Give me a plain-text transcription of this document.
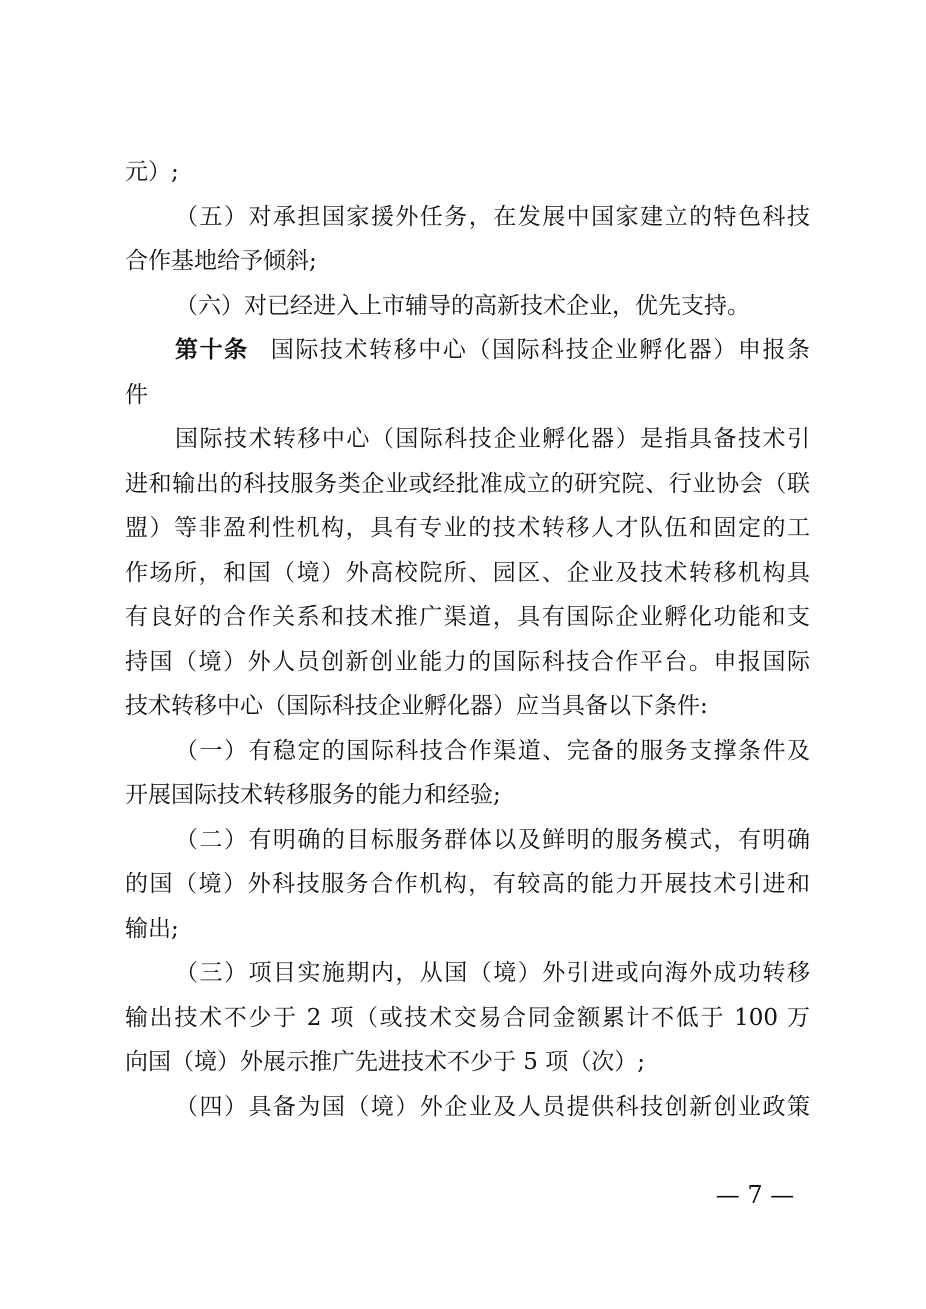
元）;
（五）对承担国家援外任务，在发展中国家建立的特色科技
合作基地给予倾斜;
（六）对已经进入上市辅导的高新技术企业，优先支持。
第十条 国际技术转移中心（国际科技企业孵化器）申报条
件
国际技术转移中心（国际科技企业孵化器）是指具备技术引
进和输出的科技服务类企业或经批准成立的研究院、行业协会（联
盟）等非盈利性机构，具有专业的技术转移人才队伍和固定的工
作场所，和国（境）外高校院所、园区、企业及技术转移机构具
有良好的合作关系和技术推广渠道，具有国际企业孵化功能和支
持国（境）外人员创新创业能力的国际科技合作平台。申报国际
技术转移中心（国际科技企业孵化器）应当具备以下条件:
（一）有稳定的国际科技合作渠道、完备的服务支撑条件及
开展国际技术转移服务的能力和经验;
（二）有明确的目标服务群体以及鲜明的服务模式，有明确
的国（境）外科技服务合作机构，有较高的能力开展技术引进和
输出;
（三）项目实施期内，从国（境）外引进或向海外成功转移
输出技术不少于 2 项（或技术交易合同金额累计不低于 100 万
向国（境）外展示推广先进技术不少于 5 项（次）;
（四）具备为国（境）外企业及人员提供科技创新创业政策
— 7 —
